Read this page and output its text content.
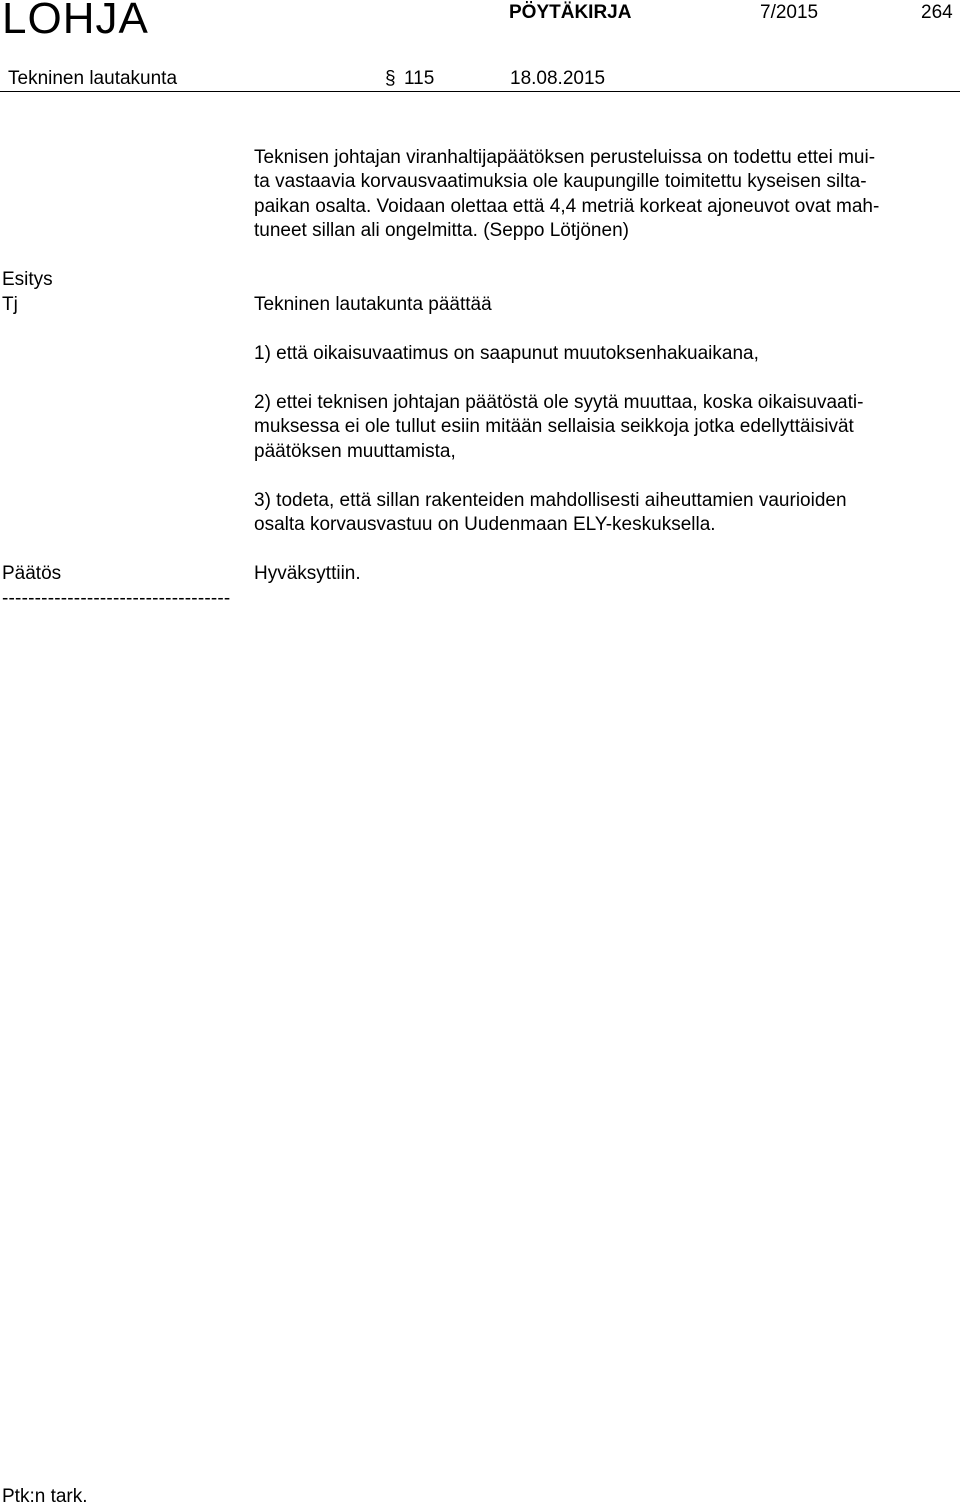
LOHJA	PÖYTÄKIRJA	7/2015	264
Tekninen lautakunta	§ 115	18.08.2015

Teknisen johtajan viranhaltijapäätöksen perusteluissa on todettu ettei mui-
ta vastaavia korvausvaatimuksia ole kaupungille toimitettu kyseisen silta-
paikan osalta. Voidaan olettaa että 4,4 metriä korkeat ajoneuvot ovat mah-
tuneet sillan ali ongelmitta. (Seppo Lötjönen)

Esitys
Tj	Tekninen lautakunta päättää

1) että oikaisuvaatimus on saapunut muutoksenhakuaikana,

2) ettei teknisen johtajan päätöstä ole syytä muuttaa, koska oikaisuvaati-
muksessa ei ole tullut esiin mitään sellaisia seikkoja jotka edellyttäisivät
päätöksen muuttamista,

3) todeta, että sillan rakenteiden mahdollisesti aiheuttamien vaurioiden
osalta korvausvastuu on Uudenmaan ELY-keskuksella.

Päätös	Hyväksyttiin.

-----------------------------------
Ptk:n tark.
